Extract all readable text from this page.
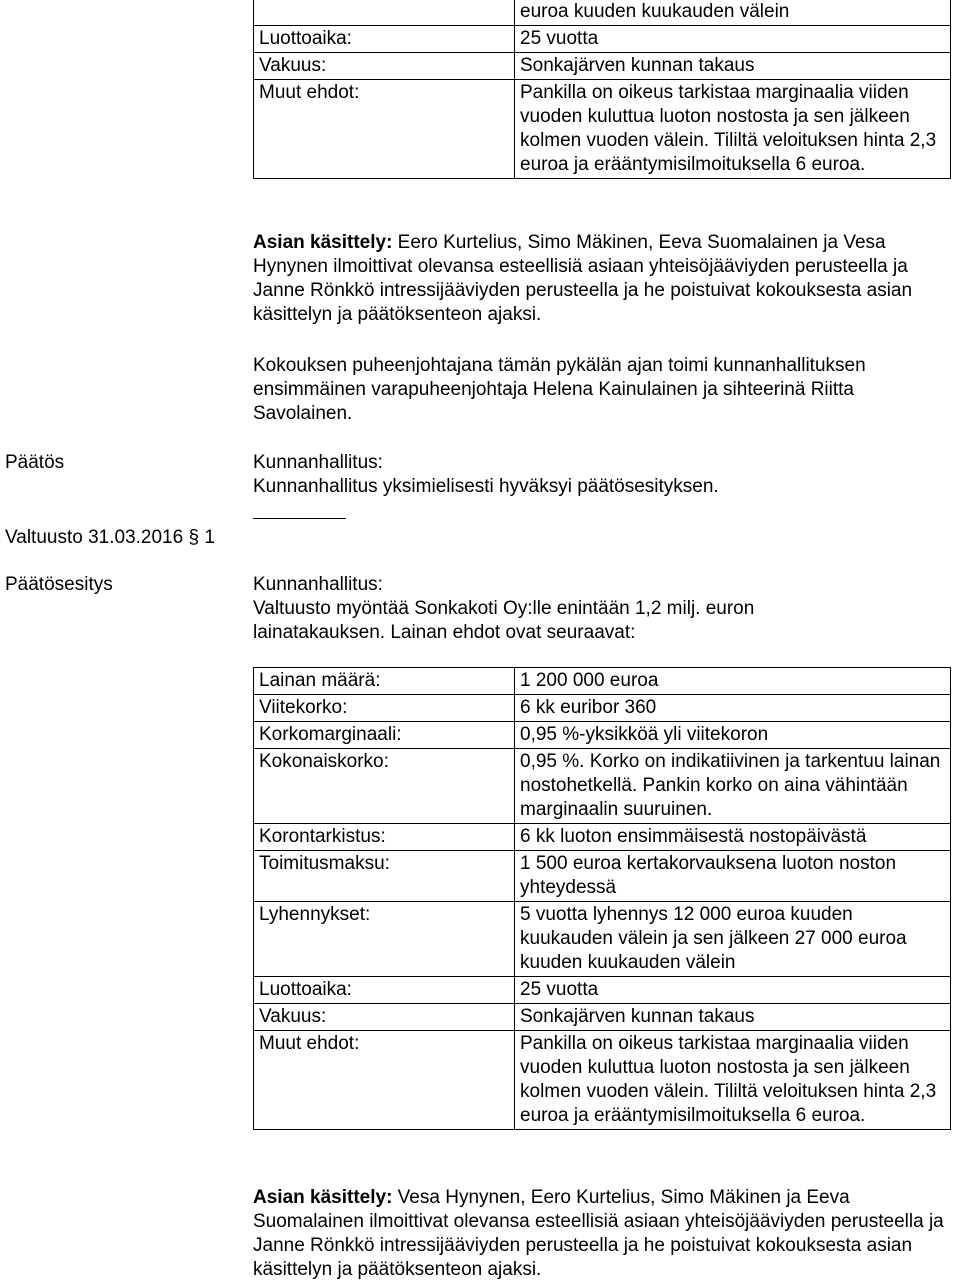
	euroa kuuden kuukauden välein
Luottoaika:	25 vuotta
Vakuus:	Sonkajärven kunnan takaus
Muut ehdot:	Pankilla on oikeus tarkistaa marginaalia viiden vuoden kuluttua luoton nostosta ja sen jälkeen kolmen vuoden välein. Tililtä veloituksen hinta 2,3 euroa ja erääntymisilmoituksella 6 euroa.

Asian käsittely: Eero Kurtelius, Simo Mäkinen, Eeva Suomalainen ja Vesa Hynynen ilmoittivat olevansa esteellisiä asiaan yhteisöjääviyden perusteella ja Janne Rönkkö intressijääviyden perusteella ja he poistuivat kokouksesta asian käsittelyn ja päätöksenteon ajaksi.

Kokouksen puheenjohtajana tämän pykälän ajan toimi kunnanhallituksen ensimmäinen varapuheenjohtaja Helena Kainulainen ja sihteerinä Riitta Savolainen.

Päätös	Kunnanhallitus:

Kunnanhallitus yksimielisesti hyväksyi päätösesityksen.

Valtuusto 31.03.2016 § 1
Päätösesitys	Kunnanhallitus:

Valtuusto myöntää Sonkakoti Oy:lle enintään 1,2 milj. euron lainatakauksen. Lainan ehdot ovat seuraavat:

Lainan määrä:	1 200 000 euroa
Viitekorko:	6 kk euribor 360
Korkomarginaali:	0,95 %-yksikköä yli viitekoron
Kokonaiskorko:	0,95 %. Korko on indikatiivinen ja tarkentuu lainan nostohetkellä. Pankin korko on aina vähintään marginaalin suuruinen.
Korontarkistus:	6 kk luoton ensimmäisestä nostopäivästä
Toimitusmaksu:	1 500 euroa kertakorvauksena luoton noston yhteydessä
Lyhennykset:	5 vuotta lyhennys 12 000 euroa kuuden kuukauden välein ja sen jälkeen 27 000 euroa kuuden kuukauden välein
Luottoaika:	25 vuotta
Vakuus:	Sonkajärven kunnan takaus
Muut ehdot:	Pankilla on oikeus tarkistaa marginaalia viiden vuoden kuluttua luoton nostosta ja sen jälkeen kolmen vuoden välein. Tililtä veloituksen hinta 2,3 euroa ja erääntymisilmoituksella 6 euroa.

Asian käsittely: Vesa Hynynen, Eero Kurtelius, Simo Mäkinen ja Eeva Suomalainen ilmoittivat olevansa esteellisiä asiaan yhteisöjääviyden perusteella ja Janne Rönkkö intressijääviyden perusteella ja he poistuivat kokouksesta asian käsittelyn ja päätöksenteon ajaksi.
